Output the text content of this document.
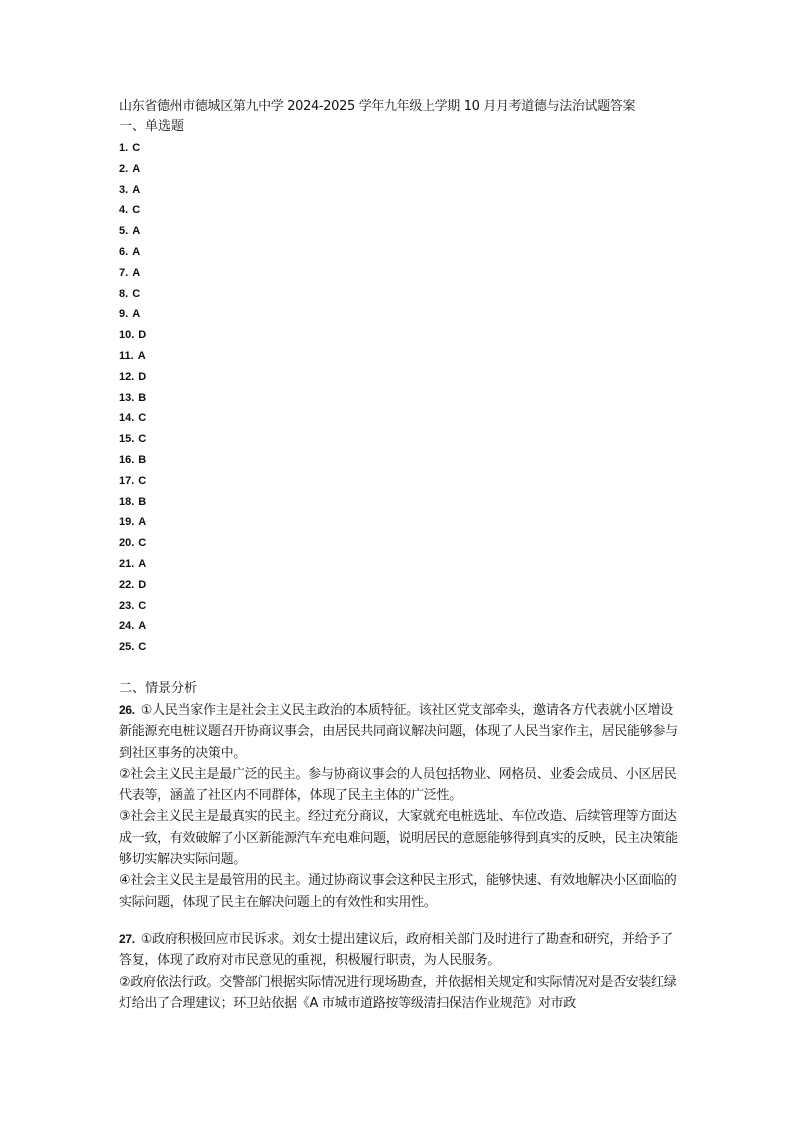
山东省德州市德城区第九中学 2024-2025 学年九年级上学期 10 月月考道德与法治试题答案
一、单选题
1. C
2. A
3. A
4. C
5. A
6. A
7. A
8. C
9. A
10. D
11. A
12. D
13. B
14. C
15. C
16. B
17. C
18. B
19. A
20. C
21. A
22. D
23. C
24. A
25. C
二、情景分析

26. ①人民当家作主是社会主义民主政治的本质特征。该社区党支部牵头，邀请各方代表就小区增设新能源充电桩议题召开协商议事会，由居民共同商议解决问题，体现了人民当家作主，居民能够参与到社区事务的决策中。

②社会主义民主是最广泛的民主。参与协商议事会的人员包括物业、网格员、业委会成员、小区居民代表等，涵盖了社区内不同群体，体现了民主主体的广泛性。

③社会主义民主是最真实的民主。经过充分商议，大家就充电桩选址、车位改造、后续管理等方面达成一致，有效破解了小区新能源汽车充电难问题，说明居民的意愿能够得到真实的反映，民主决策能够切实解决实际问题。

④社会主义民主是最管用的民主。通过协商议事会这种民主形式，能够快速、有效地解决小区面临的实际问题，体现了民主在解决问题上的有效性和实用性。

27. ①政府积极回应市民诉求。刘女士提出建议后，政府相关部门及时进行了勘查和研究，并给予了答复，体现了政府对市民意见的重视，积极履行职责，为人民服务。

②政府依法行政。交警部门根据实际情况进行现场勘查，并依据相关规定和实际情况对是否安装红绿灯给出了合理建议；环卫站依据《A 市城市道路按等级清扫保洁作业规范》对市政
